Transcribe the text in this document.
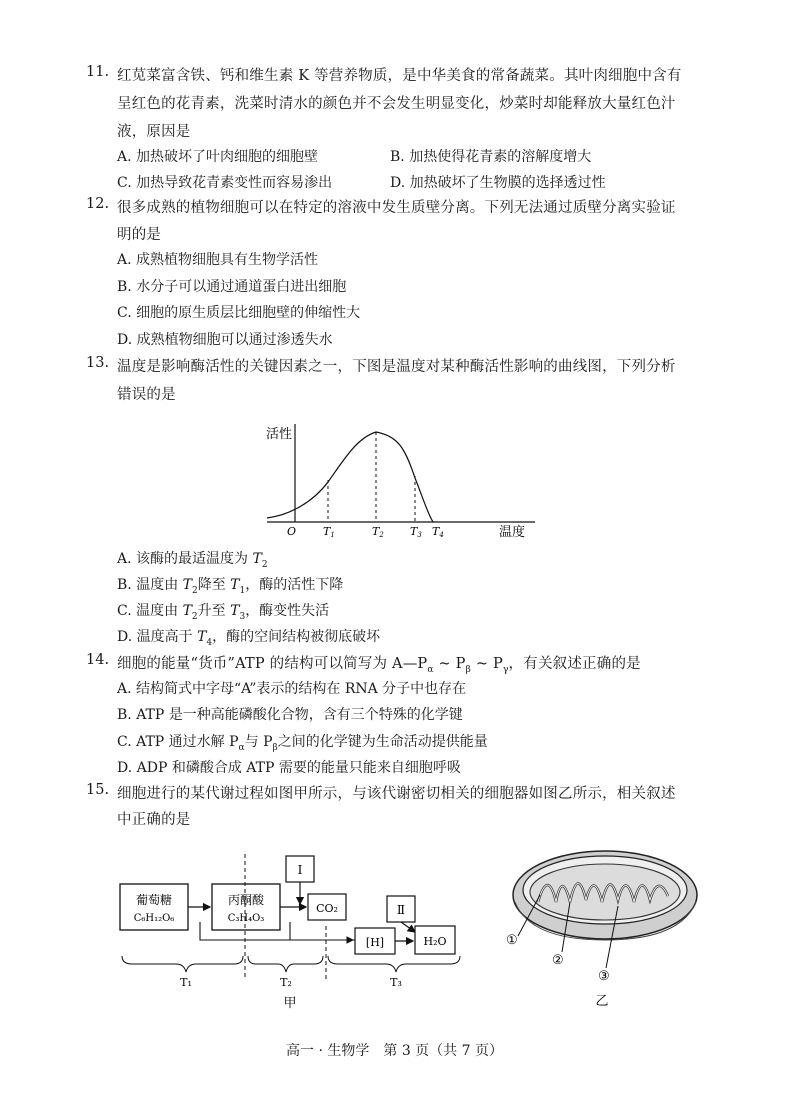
11. 红苋菜富含铁、钙和维生素 K 等营养物质，是中华美食的常备蔬菜。其叶肉细胞中含有
呈红色的花青素，洗菜时清水的颜色并不会发生明显变化，炒菜时却能释放大量红色汁
液，原因是
A. 加热破坏了叶肉细胞的细胞壁	B. 加热使得花青素的溶解度增大
C. 加热导致花青素变性而容易渗出	D. 加热破坏了生物膜的选择透过性
12. 很多成熟的植物细胞可以在特定的溶液中发生质壁分离。下列无法通过质壁分离实验证
明的是
A. 成熟植物细胞具有生物学活性
B. 水分子可以通过通道蛋白进出细胞
C. 细胞的原生质层比细胞壁的伸缩性大
D. 成熟植物细胞可以通过渗透失水
13. 温度是影响酶活性的关键因素之一，下图是温度对某种酶活性影响的曲线图，下列分析
错误的是
活性
温度
O T1	T2 T3 T4
A. 该酶的最适温度为 $T_2$
B. 温度由 $T_2$降至 $T_1$，酶的活性下降
C. 温度由 $T_2$升至 $T_3$，酶变性失活
D. 温度高于 $T_4$，酶的空间结构被彻底破坏
14. 细胞的能量“货币”ATP 的结构可以简写为 $A—P_\alpha$ ~ $P_\beta$ ~ $P_\gamma$，有关叙述正确的是
A. 结构简式中字母“A”表示的结构在 RNA 分子中也存在
B. ATP 是一种高能磷酸化合物，含有三个特殊的化学键
C. ATP 通过水解 $P_\alpha$与 $P_\beta$之间的化学键为生命活动提供能量
D. ADP 和磷酸合成 ATP 需要的能量只能来自细胞呼吸
15. 细胞进行的某代谢过程如图甲所示，与该代谢密切相关的细胞器如图乙所示，相关叙述
中正确的是
葡萄糖
C₆H₁₂O₆
丙酮酸
C₃H₄O₃
Ⅰ
CO₂
[H]
Ⅱ
H₂O
T₁	T₂	T₃
甲
①
②
③
乙
高一 · 生物学　第 3 页（共 7 页）
